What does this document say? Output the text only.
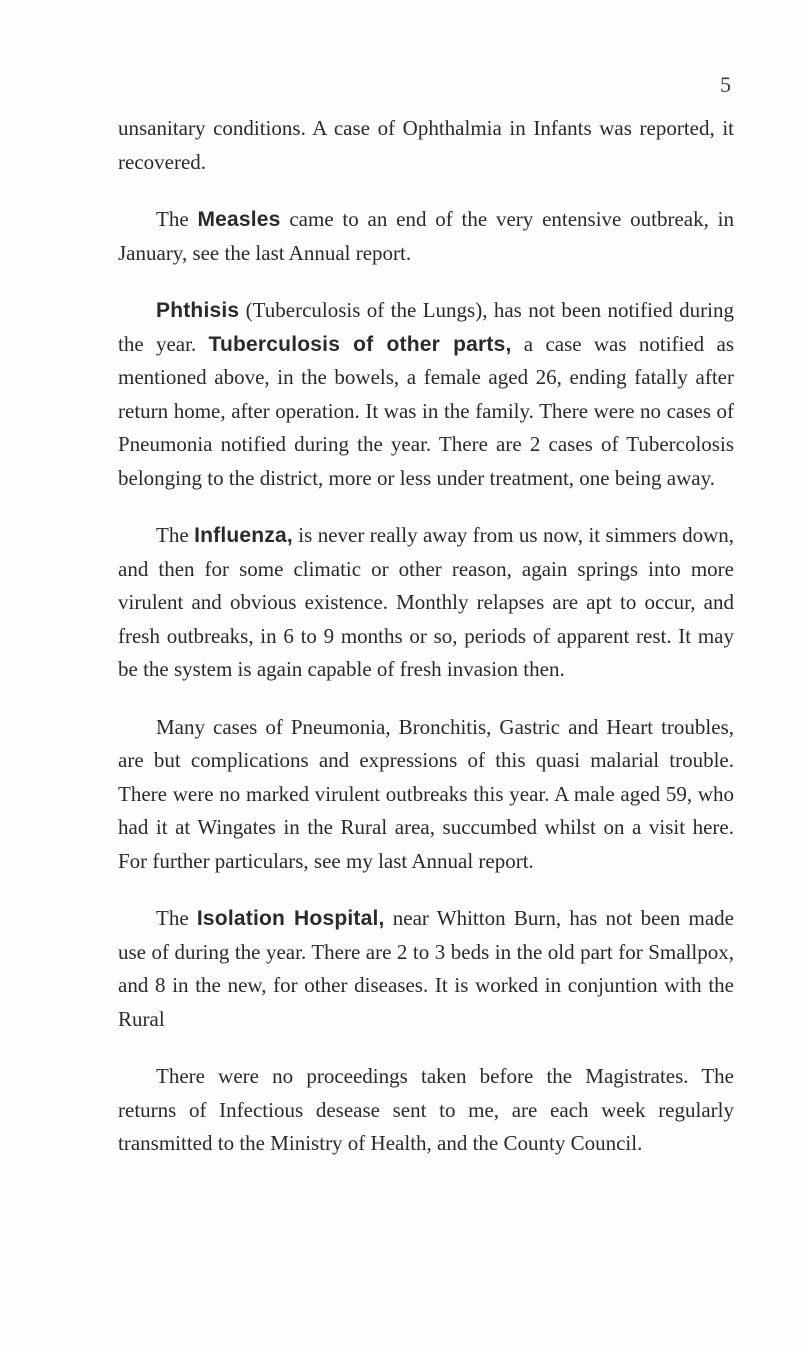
5

unsanitary conditions. A case of Ophthalmia in Infants was reported, it recovered.

The Measles came to an end of the very entensive outbreak, in January, see the last Annual report.

Phthisis (Tuberculosis of the Lungs), has not been notified during the year. Tuberculosis of other parts, a case was notified as mentioned above, in the bowels, a female aged 26, ending fatally after return home, after operation. It was in the family. There were no cases of Pneumonia notified during the year. There are 2 cases of Tubercolosis belonging to the district, more or less under treatment, one being away.

The Influenza, is never really away from us now, it simmers down, and then for some climatic or other reason, again springs into more virulent and obvious existence. Monthly relapses are apt to occur, and fresh outbreaks, in 6 to 9 months or so, periods of apparent rest. It may be the system is again capable of fresh invasion then.

Many cases of Pneumonia, Bronchitis, Gastric and Heart troubles, are but complications and expressions of this quasi malarial trouble. There were no marked virulent outbreaks this year. A male aged 59, who had it at Wingates in the Rural area, succumbed whilst on a visit here. For further particulars, see my last Annual report.

The Isolation Hospital, near Whitton Burn, has not been made use of during the year. There are 2 to 3 beds in the old part for Smallpox, and 8 in the new, for other diseases. It is worked in conjuntion with the Rural

There were no proceedings taken before the Magistrates. The returns of Infectious desease sent to me, are each week regularly transmitted to the Ministry of Health, and the County Council.
